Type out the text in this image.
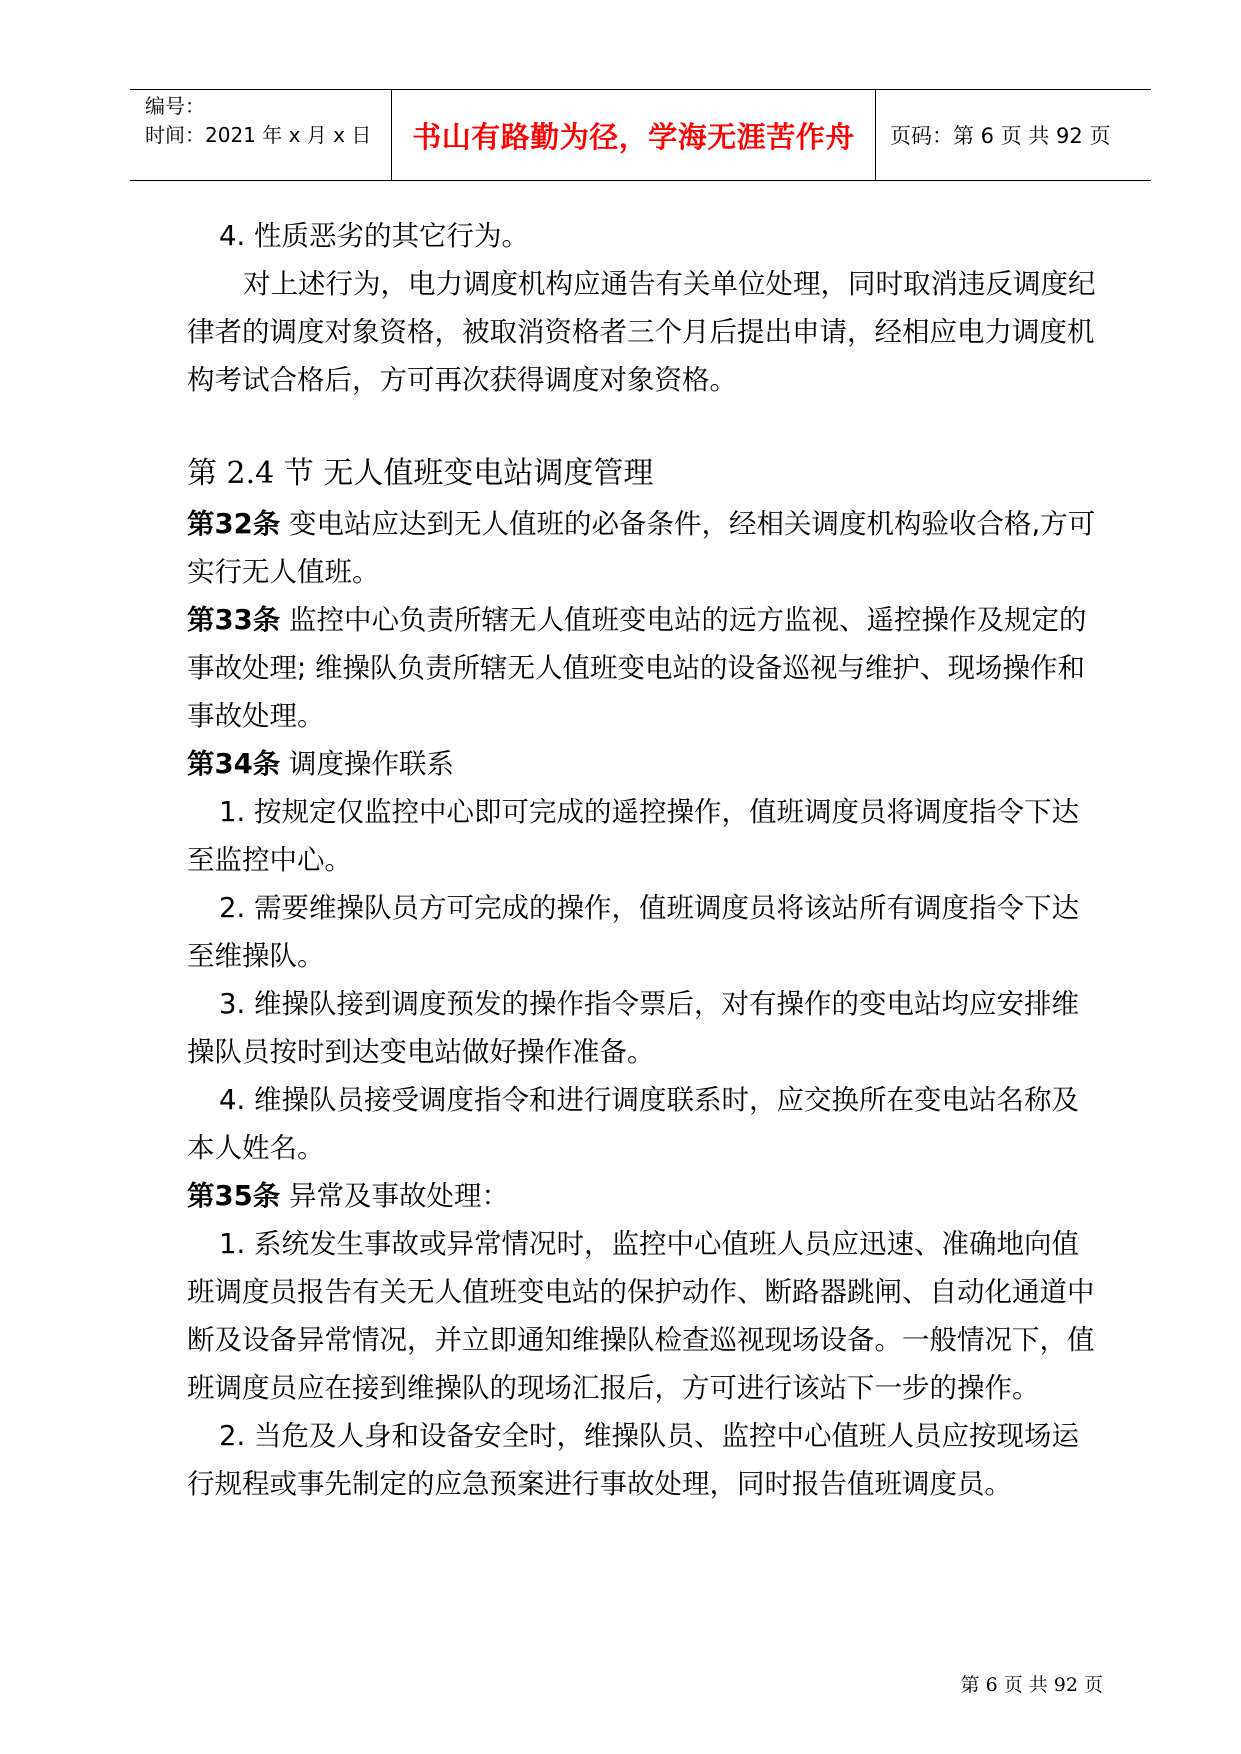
编号：
时间：2021 年 x 月 x 日	书山有路勤为径，学海无涯苦作舟	页码：第 6 页 共 92 页

4. 性质恶劣的其它行为。

对上述行为，电力调度机构应通告有关单位处理，同时取消违反调度纪律者的调度对象资格，被取消资格者三个月后提出申请，经相应电力调度机构考试合格后，方可再次获得调度对象资格。

第 2.4 节 无人值班变电站调度管理

第32条 变电站应达到无人值班的必备条件，经相关调度机构验收合格,方可实行无人值班。

第33条 监控中心负责所辖无人值班变电站的远方监视、遥控操作及规定的事故处理; 维操队负责所辖无人值班变电站的设备巡视与维护、现场操作和事故处理。

第34条 调度操作联系

1. 按规定仅监控中心即可完成的遥控操作，值班调度员将调度指令下达至监控中心。

2. 需要维操队员方可完成的操作，值班调度员将该站所有调度指令下达至维操队。

3. 维操队接到调度预发的操作指令票后，对有操作的变电站均应安排维操队员按时到达变电站做好操作准备。

4. 维操队员接受调度指令和进行调度联系时，应交换所在变电站名称及本人姓名。

第35条 异常及事故处理：

1. 系统发生事故或异常情况时，监控中心值班人员应迅速、准确地向值班调度员报告有关无人值班变电站的保护动作、断路器跳闸、自动化通道中断及设备异常情况，并立即通知维操队检查巡视现场设备。一般情况下，值班调度员应在接到维操队的现场汇报后，方可进行该站下一步的操作。

2. 当危及人身和设备安全时，维操队员、监控中心值班人员应按现场运行规程或事先制定的应急预案进行事故处理，同时报告值班调度员。

第 6 页 共 92 页
